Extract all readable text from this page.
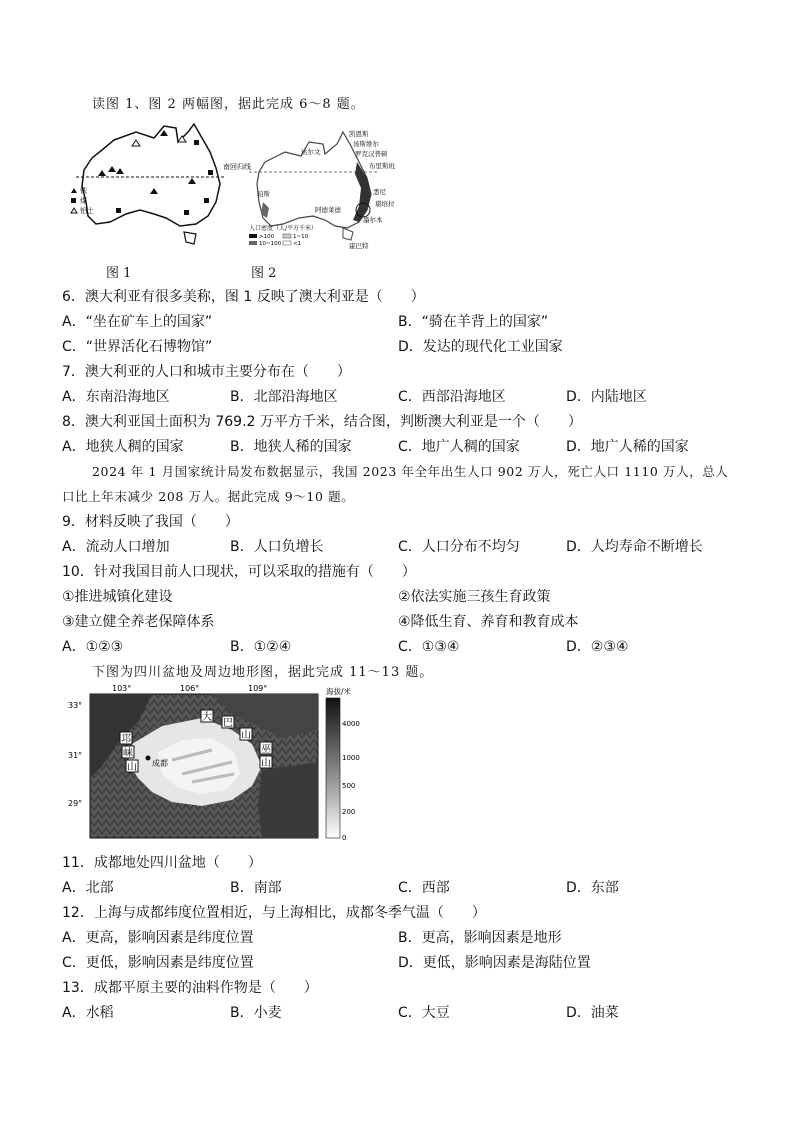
读图 1、图 2 两幅图，据此完成 6～8 题。
南回归线
铁
煤
铝土
凯恩斯
汤斯维尔
罗克汉普顿
布里斯班
悉尼
堪培拉
墨尔本
阿德莱德
珀斯
达尔文
霍巴特
人口密度（人/平方千米）
>100
10~100
1~10
<1
图 1	图 2
6．澳大利亚有很多美称，图 1 反映了澳大利亚是（　　）
A．“坐在矿车上的国家”	B．“骑在羊背上的国家”
C．“世界活化石博物馆”	D．发达的现代化工业国家
7．澳大利亚的人口和城市主要分布在（　　）
A．东南沿海地区	B．北部沿海地区	C．西部沿海地区	D．内陆地区
8．澳大利亚国土面积为 769.2 万平方千米，结合图，判断澳大利亚是一个（　　）
A．地狭人稠的国家	B．地狭人稀的国家	C．地广人稠的国家	D．地广人稀的国家
2024 年 1 月国家统计局发布数据显示，我国 2023 年全年出生人口 902 万人，死亡人口 1110 万人，总人
口比上年末减少 208 万人。据此完成 9～10 题。
9．材料反映了我国（　　）
A．流动人口增加	B．人口负增长	C．人口分布不均匀	D．人均寿命不断增长
10．针对我国目前人口现状，可以采取的措施有（　　）
①推进城镇化建设	②依法实施三孩生育政策
③建立健全养老保障体系	④降低生育、养育和教育成本
A．①②③	B．①②④	C．①③④	D．②③④
下图为四川盆地及周边地形图，据此完成 11～13 题。
大
巴
山
邛
崃
山
巫
山
成都
103°	106°	109°
33°
31°
29°
海拔/米
4000
1000
500
200
0
11．成都地处四川盆地（　　）
A．北部	B．南部	C．西部	D．东部
12．上海与成都纬度位置相近，与上海相比，成都冬季气温（　　）
A．更高，影响因素是纬度位置	B．更高，影响因素是地形
C．更低，影响因素是纬度位置	D．更低，影响因素是海陆位置
13．成都平原主要的油料作物是（　　）
A．水稻	B．小麦	C．大豆	D．油菜
